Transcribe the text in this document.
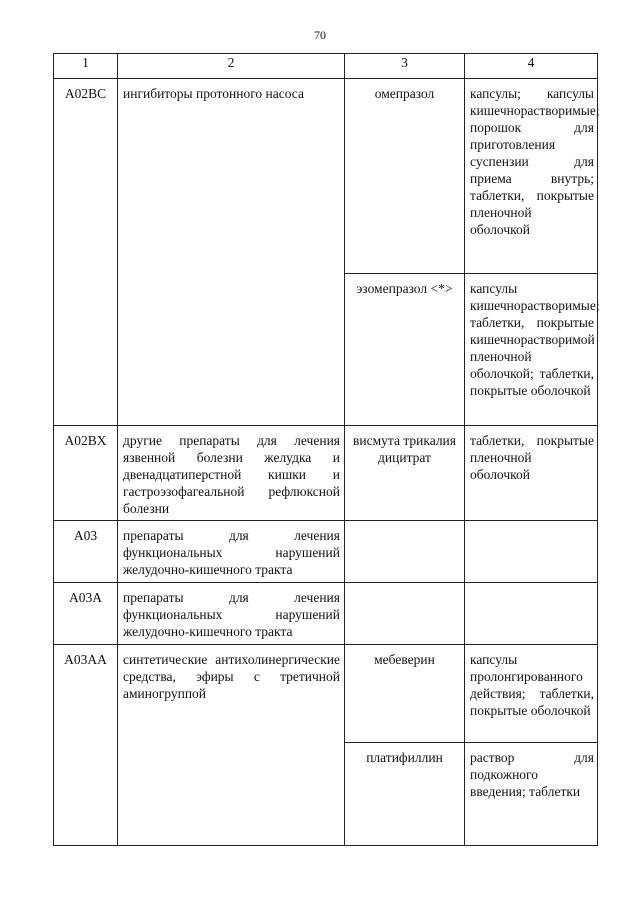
70
1	2	3	4
A02BC	ингибиторы протонного насоса	омепразол	капсулы; капсулы кишечнорастворимые; порошок для приготовления суспензии для приема внутрь; таблетки, покрытые пленочной оболочкой
		эзомепразол <*>	капсулы кишечнорастворимые; таблетки, покрытые кишечнорастворимой пленочной оболочкой; таблетки, покрытые оболочкой
A02BX	другие препараты для лечения язвенной болезни желудка и двенадцатиперстной кишки и гастроэзофагеальной рефлюксной болезни	висмута трикалия дицитрат	таблетки, покрытые пленочной оболочкой
A03	препараты для лечения функциональных нарушений желудочно-кишечного тракта		
A03A	препараты для лечения функциональных нарушений желудочно-кишечного тракта		
A03AA	синтетические антихолинергические средства, эфиры с третичной аминогруппой	мебеверин	капсулы пролонгированного действия; таблетки, покрытые оболочкой
		платифиллин	раствор для подкожного введения; таблетки
